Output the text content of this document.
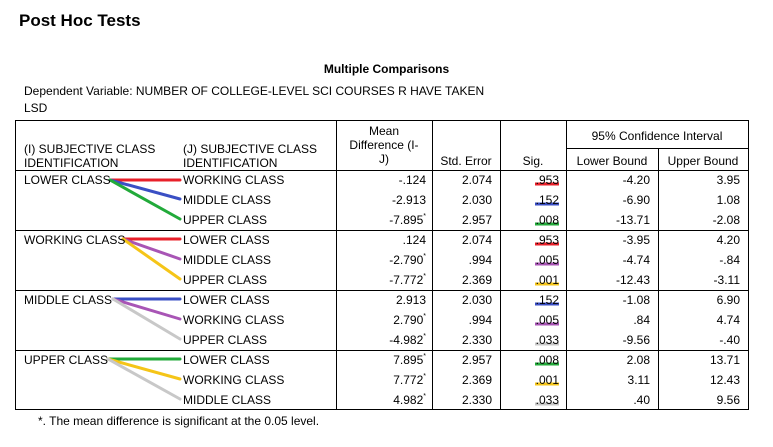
Post Hoc Tests
Multiple Comparisons
Dependent Variable: NUMBER OF COLLEGE-LEVEL SCI COURSES R HAVE TAKEN
LSD
(I) SUBJECTIVE CLASS
IDENTIFICATION
(J) SUBJECTIVE CLASS
IDENTIFICATION
Mean
Difference (I-
J)	Std. Error	Sig.
95% Confidence Interval
Lower Bound	Upper Bound
LOWER CLASS	WORKING CLASS	-.124	2.074	.953	-4.20	3.95
MIDDLE CLASS	-2.913	2.030	.152	-6.90	1.08
UPPER CLASS	-7.895*	2.957	.008	-13.71	-2.08
WORKING CLASS	LOWER CLASS	.124	2.074	.953	-3.95	4.20
MIDDLE CLASS	-2.790*	.994	.005	-4.74	-.84
UPPER CLASS	-7.772*	2.369	.001	-12.43	-3.11
MIDDLE CLASS	LOWER CLASS	2.913	2.030	.152	-1.08	6.90
WORKING CLASS	2.790*	.994	.005	.84	4.74
UPPER CLASS	-4.982*	2.330	.033	-9.56	-.40
UPPER CLASS	LOWER CLASS	7.895*	2.957	.008	2.08	13.71
WORKING CLASS	7.772*	2.369	.001	3.11	12.43
MIDDLE CLASS	4.982*	2.330	.033	.40	9.56
*. The mean difference is significant at the 0.05 level.
